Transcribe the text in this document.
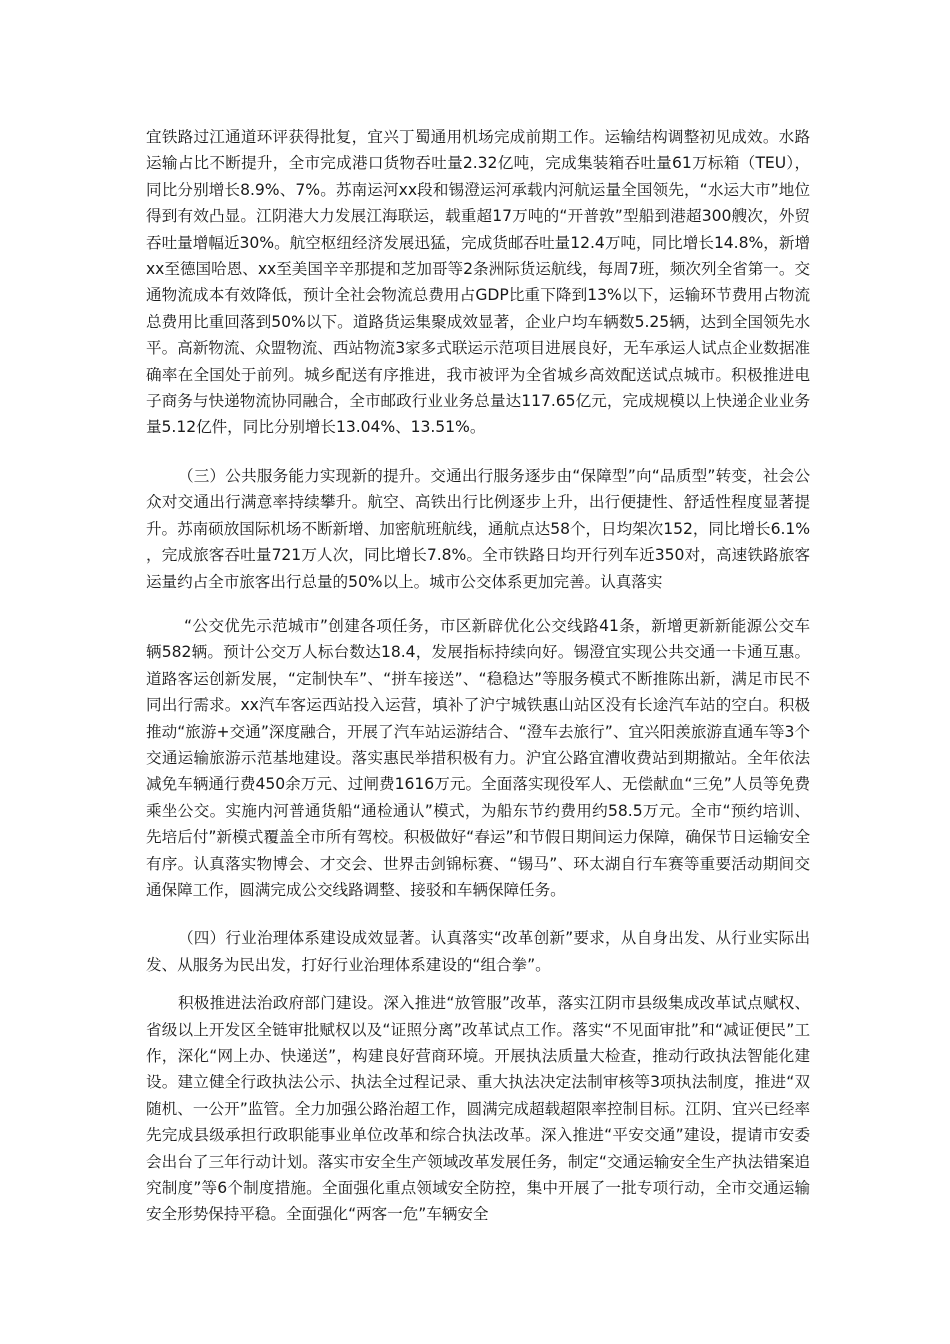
宜铁路过江通道环评获得批复，宜兴丁蜀通用机场完成前期工作。运输结构调整初见成效。水路运输占比不断提升，全市完成港口货物吞吐量2.32亿吨，完成集装箱吞吐量61万标箱（TEU），同比分别增长8.9%、7%。苏南运河xx段和锡澄运河承载内河航运量全国领先，“水运大市”地位得到有效凸显。江阴港大力发展江海联运，载重超17万吨的“开普敦”型船到港超300艘次，外贸吞吐量增幅近30%。航空枢纽经济发展迅猛，完成货邮吞吐量12.4万吨，同比增长14.8%，新增xx至德国哈恩、xx至美国辛辛那提和芝加哥等2条洲际货运航线，每周7班，频次列全省第一。交通物流成本有效降低，预计全社会物流总费用占GDP比重下降到13%以下，运输环节费用占物流总费用比重回落到50%以下。道路货运集聚成效显著，企业户均车辆数5.25辆，达到全国领先水平。高新物流、众盟物流、西站物流3家多式联运示范项目进展良好，无车承运人试点企业数据准确率在全国处于前列。城乡配送有序推进，我市被评为全省城乡高效配送试点城市。积极推进电子商务与快递物流协同融合，全市邮政行业业务总量达117.65亿元，完成规模以上快递企业业务量5.12亿件，同比分别增长13.04%、13.51%。

（三）公共服务能力实现新的提升。交通出行服务逐步由“保障型”向“品质型”转变，社会公众对交通出行满意率持续攀升。航空、高铁出行比例逐步上升，出行便捷性、舒适性程度显著提升。苏南硕放国际机场不断新增、加密航班航线，通航点达58个，日均架次152，同比增长6.1%，完成旅客吞吐量721万人次，同比增长7.8%。全市铁路日均开行列车近350对，高速铁路旅客运量约占全市旅客出行总量的50%以上。城市公交体系更加完善。认真落实

“公交优先示范城市”创建各项任务，市区新辟优化公交线路41条，新增更新新能源公交车辆582辆。预计公交万人标台数达18.4，发展指标持续向好。锡澄宜实现公共交通一卡通互惠。道路客运创新发展，“定制快车”、“拼车接送”、“稳稳达”等服务模式不断推陈出新，满足市民不同出行需求。xx汽车客运西站投入运营，填补了沪宁城铁惠山站区没有长途汽车站的空白。积极推动“旅游+交通”深度融合，开展了汽车站运游结合、“澄车去旅行”、宜兴阳羡旅游直通车等3个交通运输旅游示范基地建设。落实惠民举措积极有力。沪宜公路宜漕收费站到期撤站。全年依法减免车辆通行费450余万元、过闸费1616万元。全面落实现役军人、无偿献血“三免”人员等免费乘坐公交。实施内河普通货船“通检通认”模式，为船东节约费用约58.5万元。全市“预约培训、先培后付”新模式覆盖全市所有驾校。积极做好“春运”和节假日期间运力保障，确保节日运输安全有序。认真落实物博会、才交会、世界击剑锦标赛、“锡马”、环太湖自行车赛等重要活动期间交通保障工作，圆满完成公交线路调整、接驳和车辆保障任务。

（四）行业治理体系建设成效显著。认真落实“改革创新”要求，从自身出发、从行业实际出发、从服务为民出发，打好行业治理体系建设的“组合拳”。

积极推进法治政府部门建设。深入推进“放管服”改革，落实江阴市县级集成改革试点赋权、省级以上开发区全链审批赋权以及“证照分离”改革试点工作。落实“不见面审批”和“减证便民”工作，深化“网上办、快递送”，构建良好营商环境。开展执法质量大检查，推动行政执法智能化建设。建立健全行政执法公示、执法全过程记录、重大执法决定法制审核等3项执法制度，推进“双随机、一公开”监管。全力加强公路治超工作，圆满完成超载超限率控制目标。江阴、宜兴已经率先完成县级承担行政职能事业单位改革和综合执法改革。深入推进“平安交通”建设，提请市安委会出台了三年行动计划。落实市安全生产领域改革发展任务，制定“交通运输安全生产执法错案追究制度”等6个制度措施。全面强化重点领域安全防控，集中开展了一批专项行动，全市交通运输安全形势保持平稳。全面强化“两客一危”车辆安全
